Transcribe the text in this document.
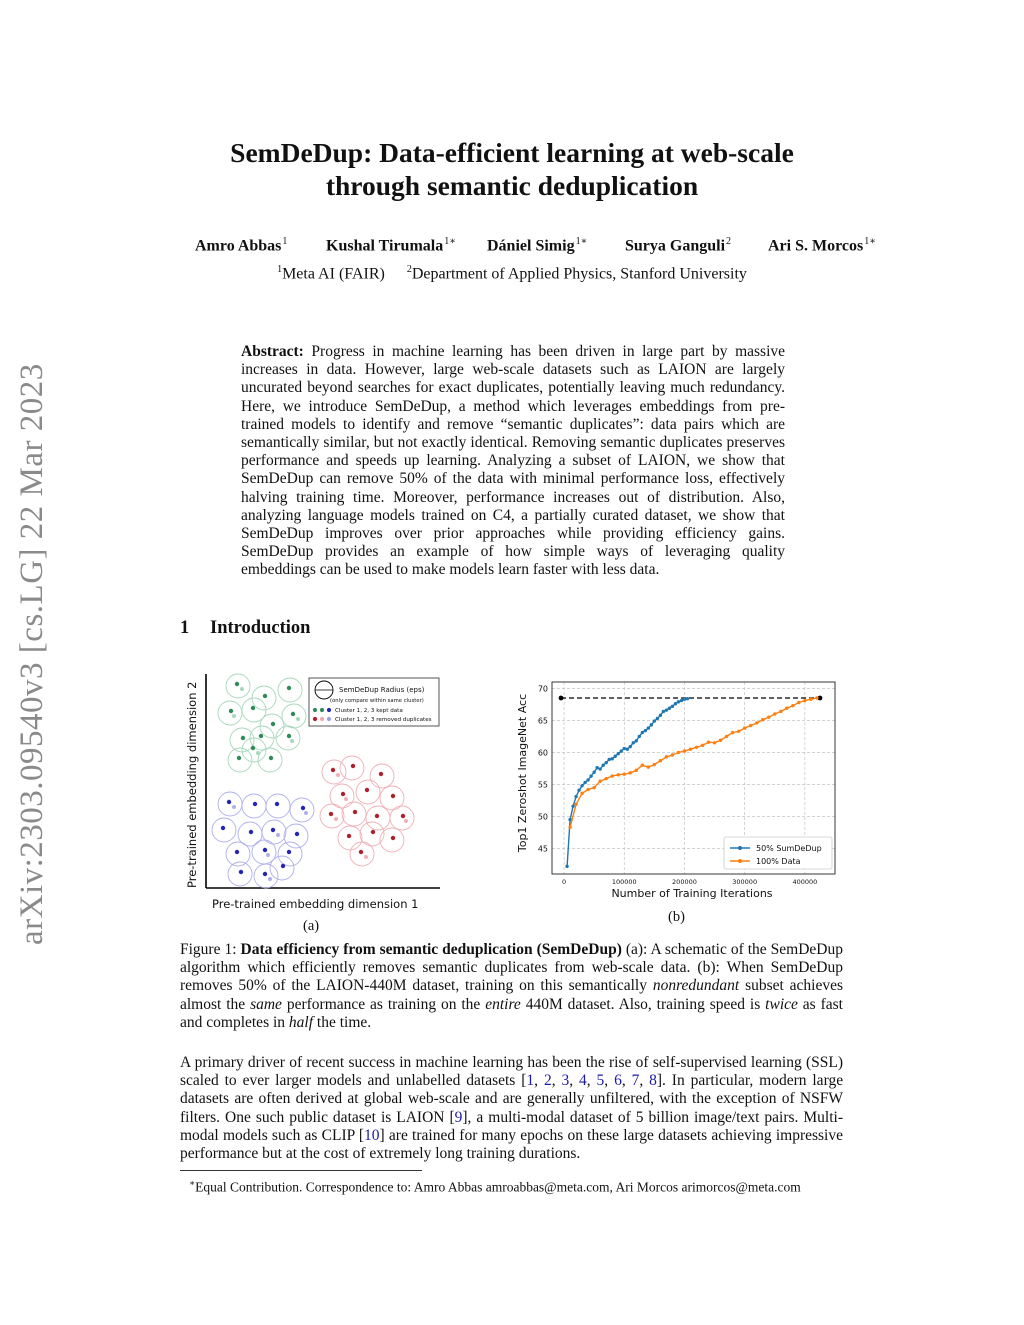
arXiv:2303.09540v3 [cs.LG] 22 Mar 2023
SemDeDup: Data-efficient learning at web-scale
through semantic deduplication
Amro Abbas$^1$ Kushal Tirumala$^{1∗}$ Dániel Simig$^{1∗}$ Surya Ganguli$^2$ Ari S. Morcos$^{1∗}$
$^1$Meta AI (FAIR) $^2$Department of Applied Physics, Stanford University
Abstract: Progress in machine learning has been driven in large part by massive increases in data. However, large web-scale datasets such as LAION are largely uncurated beyond searches for exact duplicates, potentially leaving much redundancy. Here, we introduce SemDeDup, a method which leverages embeddings from pre-trained models to identify and remove “semantic duplicates”: data pairs which are semantically similar, but not exactly identical. Removing semantic duplicates preserves performance and speeds up learning. Analyzing a subset of LAION, we show that SemDeDup can remove 50% of the data with minimal performance loss, effectively halving training time. Moreover, performance increases out of distribution. Also, analyzing language models trained on C4, a partially curated dataset, we show that SemDeDup improves over prior approaches while providing efficiency gains. SemDeDup provides an example of how simple ways of leveraging quality embeddings can be used to make models learn faster with less data.
1 Introduction
Pre-trained embedding dimension 2
Pre-trained embedding dimension 1
SemDeDup Radius (eps)
(only compare within same cluster)
Cluster 1, 2, 3 kept data
Cluster 1, 2, 3 removed duplicates
(a)
45
50
55
60
65
70
0	100000	200000	300000	400000
Number of Training Iterations
Top1 Zeroshot ImageNet Acc	50% SumDeDup
100% Data
(b)
Figure 1: Data efficiency from semantic deduplication (SemDeDup) (a): A schematic of the SemDeDup algorithm which efficiently removes semantic duplicates from web-scale data. (b): When SemDeDup removes 50% of the LAION-440M dataset, training on this semantically nonredundant subset achieves almost the same performance as training on the entire 440M dataset. Also, training speed is twice as fast and completes in half the time.
A primary driver of recent success in machine learning has been the rise of self-supervised learning (SSL) scaled to ever larger models and unlabelled datasets [1, 2, 3, 4, 5, 6, 7, 8]. In particular, modern large datasets are often derived at global web-scale and are generally unfiltered, with the exception of NSFW filters. One such public dataset is LAION [9], a multi-modal dataset of 5 billion image/text pairs. Multi-modal models such as CLIP [10] are trained for many epochs on these large datasets achieving impressive performance but at the cost of extremely long training durations.
∗Equal Contribution. Correspondence to: Amro Abbas amroabbas@meta.com, Ari Morcos arimorcos@meta.com
